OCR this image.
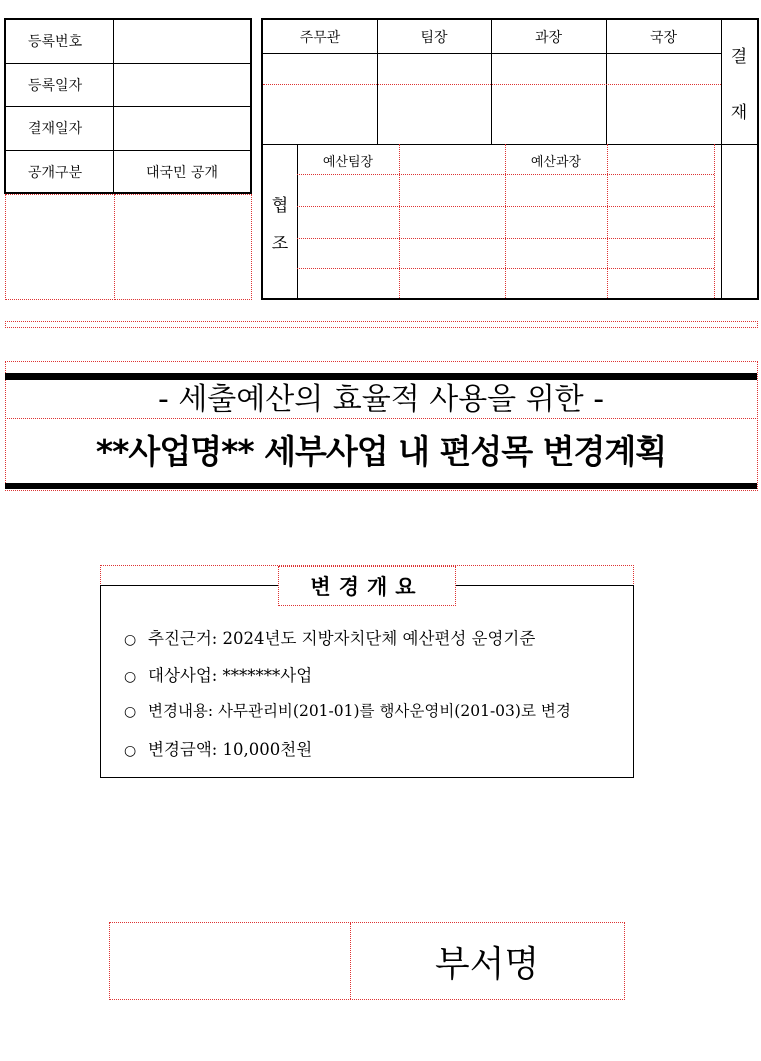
등록번호
등록일자
결재일자
공개구분	대국민 공개
주무관	팀장	과장	국장
결
재
협
조
예산팀장	예산과장
- 세출예산의 효율적 사용을 위한 -
**사업명** 세부사업 내 편성목 변경계획
변경개요
○ 추진근거: 2024년도 지방자치단체 예산편성 운영기준
○ 대상사업: *******사업
○ 변경내용: 사무관리비(201-01)를 행사운영비(201-03)로 변경
○ 변경금액: 10,000천원
부서명
